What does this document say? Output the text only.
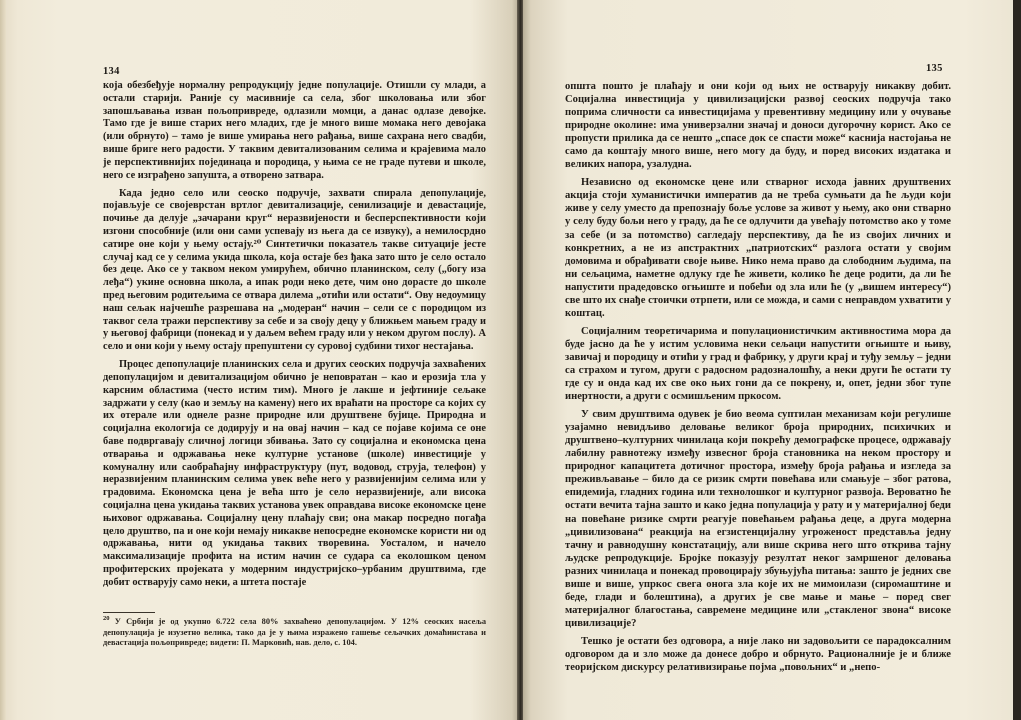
134

која обезбеђује нормалну репродукцију једне популације. Отишли су млади, а остали старији. Раније су масивније са села, због школовања или због запошљавања изван пољопривреде, одлазили момци, а данас одлазе девојке. Тамо где је више старих него младих, где је много више момака него девојака (или обрнуто) – тамо је више умирања него рађања, више сахрана него свадби, више бриге него радости. У таквим девитализованим селима и крајевима мало је перспективнијих појединаца и породица, у њима се не граде путеви и школе, него се изграђено запушта, а отворено затвара.

Када једно село или сеоско подручје, захвати спирала депопулације, појављује се својеврстан вртлог девитализације, сенилизације и девастације, почиње да делује „зачарани круг“ неразвијености и бесперспективности који изгони способније (или они сами успевају из њега да се извуку), а немилосрдно сатире оне који у њему остају.²⁰ Синтетички показатељ такве ситуације јесте случај кад се у селима укида школа, која остаје без ђака зато што је село остало без деце. Ако се у таквом неком умирућем, обично планинском, селу („богу иза леђа“) укине основна школа, а ипак роди неко дете, чим оно дорасте до школе пред његовим родитељима се отвара дилема „отићи или остати“. Ову недоумицу наш сељак најчешће разрешава на „модеран“ начин – сели се с породицом из таквог села тражи перспективу за себе и за своју децу у ближњем мањем граду и у његовој фабрици (понекад и у даљем већем граду или у неком другом послу). А село и они који у њему остају препуштени су суровој судбини тихог нестајања.

Процес депопулације планинских села и других сеоских подручја захваћених депопулацијом и девитализацијом обично је неповратан – као и ерозија тла у карсним областима (често истим тим). Много је лакше и јефтиније сељаке задржати у селу (као и земљу на камену) него их враћати на просторе са којих су их отерале или однеле разне природне или друштвене бујице. Природна и социјална екологија се додирују и на овај начин – кад се појаве којима се оне баве подвргавају сличној логици збивања. Зато су социјална и економска цена отварања и одржавања неке културне установе (школе) инвестиције у комуналну или саобраћајну инфраструктуру (пут, водовод, струја, телефон) у неразвијеним планинским селима увек веће него у развијенијим селима или у градовима. Економска цена је већа што је село неразвијеније, али висока социјална цена укидања таквих установа увек оправдава високе економске цене њиховог одржавања. Социјалну цену плаћају сви; она макар посредно погађа цело друштво, па и оне који немају никакве непосредне економске користи ни од одржавања, нити од укидања таквих творевина. Уосталом, и начело максимализације профита на истим начин се судара са еколошком ценом профитерских пројеката у модерним индустријско–урбаним друштвима, где добит остварују само неки, а штета постаје

$^{20}$ У Србији је од укупно 6.722 села 80% захваћено депопулацијом. У 12% сеоских насеља депопулација је изузетно велика, тако да је у њима изражено гашење сељачких домаћинстава и девастација пољопривреде; видети: П. Марковић, нав. дело, с. 104.
135

општа пошто је плаћају и они који од њих не остварују никакву добит. Социјална инвестиција у цивилизацијски развој сеоских подручја тако поприма сличности са инвестицијама у превентивну медицину или у очување природне околине: има универзални значај и доноси дугорочну корист. Ако се пропусти прилика да се нешто „спасе док се спасти може“ каснија настојања не само да коштају много више, него могу да буду, и поред високих издатака и великих напора, узалудна.

Независно од економске цене или стварног исхода јавних друштвених акција стоји хуманистички императив да не треба сумњати да ће људи који живе у селу уместо да препознају боље услове за живот у њему, ако они стварно у селу буду бољи него у граду, да ће се одлучити да увећају потомство ако у томе за себе (и за потомство) сагледају перспективу, да ће из својих личних и конкретних, а не из апстрактних „патриотских“ разлога остати у својим домовима и обрађивати своје њиве. Нико нема право да слободним људима, па ни сељацима, наметне одлуку где ће живети, колико ће деце родити, да ли ће напустити прадедовско огњиште и побећи од зла или ће (у „вишем интересу“) све што их снађе стоички отрпети, или се можда, и сами с неправдом ухватити у коштац.

Социјалним теоретичарима и популационистичким активностима мора да буде јасно да ће у истим условима неки сељаци напустити огњиште и њиву, завичај и породицу и отићи у град и фабрику, у други крај и туђу земљу – једни са страхом и тугом, други с радосном радозналошћу, а неки други ће остати ту где су и онда кад их све око њих гони да се покрену, и, опет, једни због тупе инертности, а други с осмишљеним пркосом.

У свим друштвима одувек је био веома суптилан механизам који регулише узајамно невидљиво деловање великог броја природних, психичких и друштвено–културних чинилаца који покрећу демографске процесе, одржавају лабилну равнотежу између извесног броја становника на неком простору и природног капацитета дотичног простора, између броја рађања и изгледа за преживљавање – било да се ризик смрти повећава или смањује – због ратова, епидемија, гладних година или технолошког и културног развоја. Вероватно ће остати вечита тајна зашто и како једна популација у рату и у материјалној беди на повећане ризике смрти реагује повећањем рађања деце, а друга модерна „цивилизована“ реакција на егзистенцијалну угроженост представља једну тачну и равнодушну констатацију, али више скрива него што открива тајну људске репродукције. Бројке показују резултат неког замршеног деловања разних чинилаца и понекад провоцирају збуњујућа питања: зашто је једних све више и више, упркос свега онога зла које их не мимоилази (сиромаштине и беде, глади и болештина), а других је све мање и мање – поред свег материјалног благостања, савремене медицине или „стакленог звона“ високе цивилизације?

Тешко је остати без одговора, а није лако ни задовољити се парадоксалним одговором да и зло може да донесе добро и обрнуто. Рационалније је и ближе теоријском дискурсу релативизирање појма „повољних“ и „непо-
